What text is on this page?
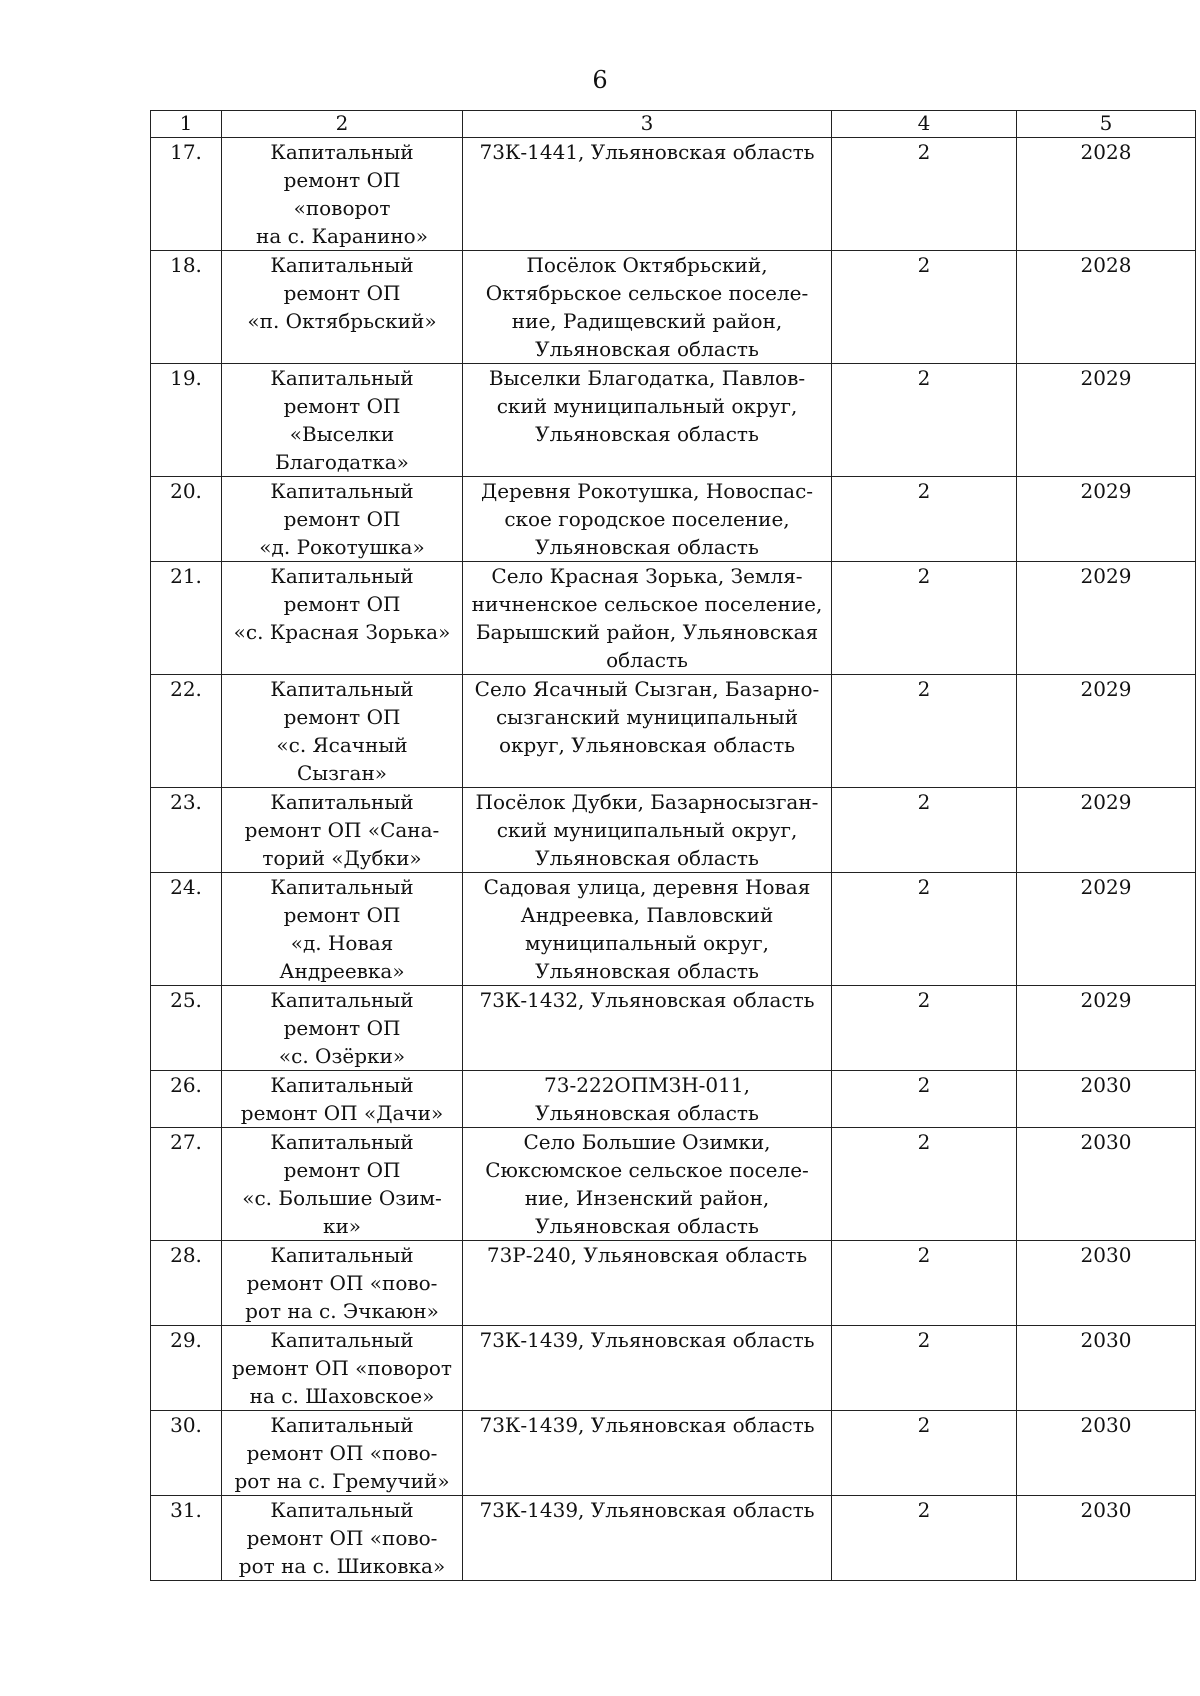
6
1	2	3	4	5
17.	Капитальный
ремонт ОП
«поворот
на с. Каранино»	73К-1441, Ульяновская область	2	2028
18.	Капитальный
ремонт ОП
«п. Октябрьский»	Посёлок Октябрьский,
Октябрьское сельское поселе-
ние, Радищевский район,
Ульяновская область	2	2028
19.	Капитальный
ремонт ОП
«Выселки
Благодатка»	Выселки Благодатка, Павлов-
ский муниципальный округ,
Ульяновская область	2	2029
20.	Капитальный
ремонт ОП
«д. Рокотушка»	Деревня Рокотушка, Новоспас-
ское городское поселение,
Ульяновская область	2	2029
21.	Капитальный
ремонт ОП
«с. Красная Зорька»	Село Красная Зорька, Земля-
ничненское сельское поселение,
Барышский район, Ульяновская
область	2	2029
22.	Капитальный
ремонт ОП
«с. Ясачный
Сызган»	Село Ясачный Сызган, Базарно-
сызганский муниципальный
округ, Ульяновская область	2	2029
23.	Капитальный
ремонт ОП «Сана-
торий «Дубки»	Посёлок Дубки, Базарносызган-
ский муниципальный округ,
Ульяновская область	2	2029
24.	Капитальный
ремонт ОП
«д. Новая
Андреевка»	Садовая улица, деревня Новая
Андреевка, Павловский
муниципальный округ,
Ульяновская область	2	2029
25.	Капитальный
ремонт ОП
«с. Озёрки»	73К-1432, Ульяновская область	2	2029
26.	Капитальный
ремонт ОП «Дачи»	73-222ОПМЗН-011,
Ульяновская область	2	2030
27.	Капитальный
ремонт ОП
«с. Большие Озим-
ки»	Село Большие Озимки,
Сюксюмское сельское поселе-
ние, Инзенский район,
Ульяновская область	2	2030
28.	Капитальный
ремонт ОП «пово-
рот на с. Эчкаюн»	73Р-240, Ульяновская область	2	2030
29.	Капитальный
ремонт ОП «поворот
на с. Шаховское»	73К-1439, Ульяновская область	2	2030
30.	Капитальный
ремонт ОП «пово-
рот на с. Гремучий»	73К-1439, Ульяновская область	2	2030
31.	Капитальный
ремонт ОП «пово-
рот на с. Шиковка»	73К-1439, Ульяновская область	2	2030
